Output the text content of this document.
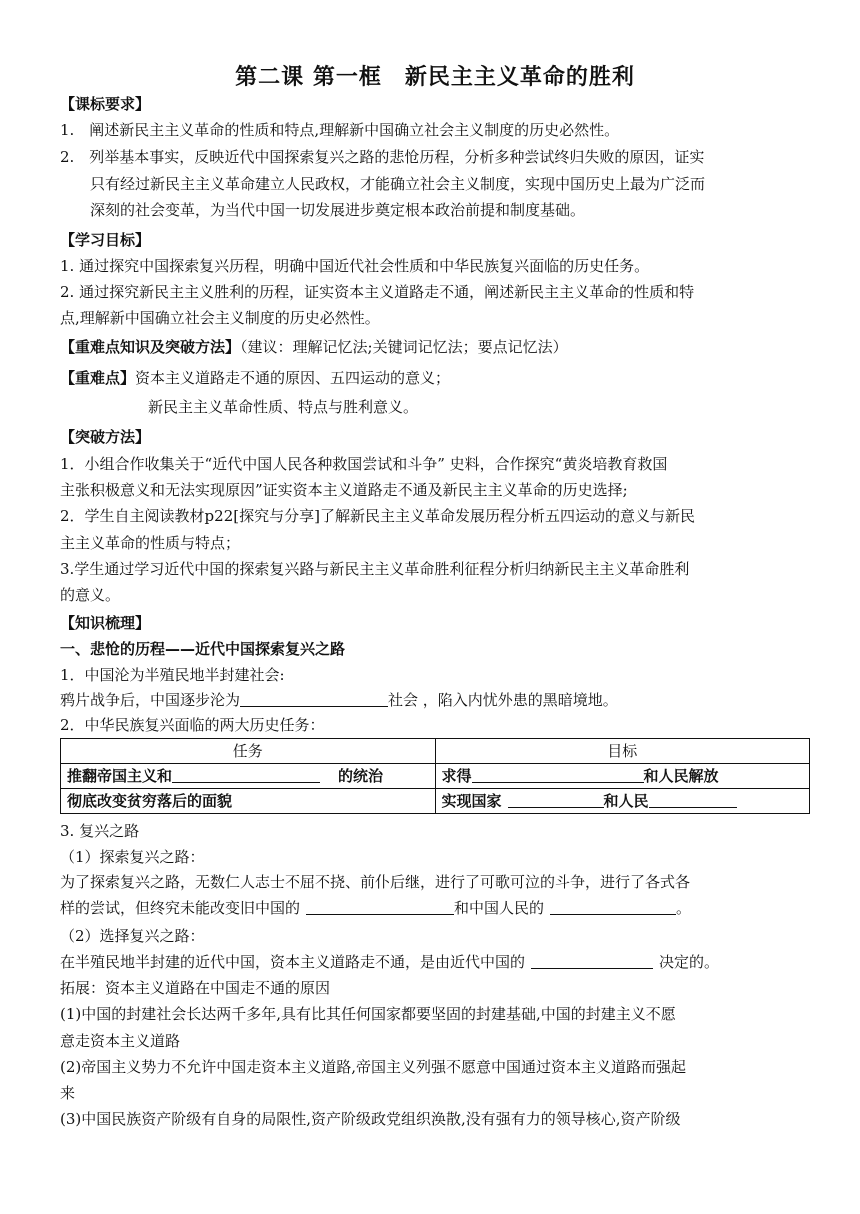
第二课 第一框　新民主主义革命的胜利
【课标要求】
1.　阐述新民主主义革命的性质和特点,理解新中国确立社会主义制度的历史必然性。
2.　列举基本事实，反映近代中国探索复兴之路的悲怆历程，分析多种尝试终归失败的原因，证实
只有经过新民主主义革命建立人民政权，才能确立社会主义制度，实现中国历史上最为广泛而
深刻的社会变革，为当代中国一切发展进步奠定根本政治前提和制度基础。
【学习目标】
1. 通过探究中国探索复兴历程，明确中国近代社会性质和中华民族复兴面临的历史任务。
2. 通过探究新民主主义胜利的历程，证实资本主义道路走不通，阐述新民主主义革命的性质和特
点,理解新中国确立社会主义制度的历史必然性。
【重难点知识及突破方法】（建议：理解记忆法;关键词记忆法；要点记忆法）
【重难点】资本主义道路走不通的原因、五四运动的意义；
新民主主义革命性质、特点与胜利意义。
【突破方法】
1．小组合作收集关于“近代中国人民各种救国尝试和斗争” 史料，合作探究“黄炎培教育救国
主张积极意义和无法实现原因”证实资本主义道路走不通及新民主主义革命的历史选择;
2．学生自主阅读教材p22[探究与分享]了解新民主主义革命发展历程分析五四运动的意义与新民
主主义革命的性质与特点；
3.学生通过学习近代中国的探索复兴路与新民主主义革命胜利征程分析归纳新民主主义革命胜利
的意义。
【知识梳理】
一、悲怆的历程——近代中国探索复兴之路
1．中国沦为半殖民地半封建社会:
鸦片战争后，中国逐步沦为	社会 ，陷入内忧外患的黑暗境地。
2．中华民族复兴面临的两大历史任务：
任务	目标
推翻帝国主义和 的统治	求得 和人民解放
彻底改变贫穷落后的面貌	实现国家 和人民
3. 复兴之路
（1）探索复兴之路：
为了探索复兴之路，无数仁人志士不屈不挠、前仆后继，进行了可歌可泣的斗争，进行了各式各
样的尝试，但终究未能改变旧中国的	和中国人民的	。
（2）选择复兴之路：
在半殖民地半封建的近代中国，资本主义道路走不通，是由近代中国的	决定的。
拓展：资本主义道路在中国走不通的原因
(1)中国的封建社会长达两千多年,具有比其任何国家都要坚固的封建基础,中国的封建主义不愿
意走资本主义道路
(2)帝国主义势力不允许中国走资本主义道路,帝国主义列强不愿意中国通过资本主义道路而强起
来
(3)中国民族资产阶级有自身的局限性,资产阶级政党组织涣散,没有强有力的领导核心,资产阶级
